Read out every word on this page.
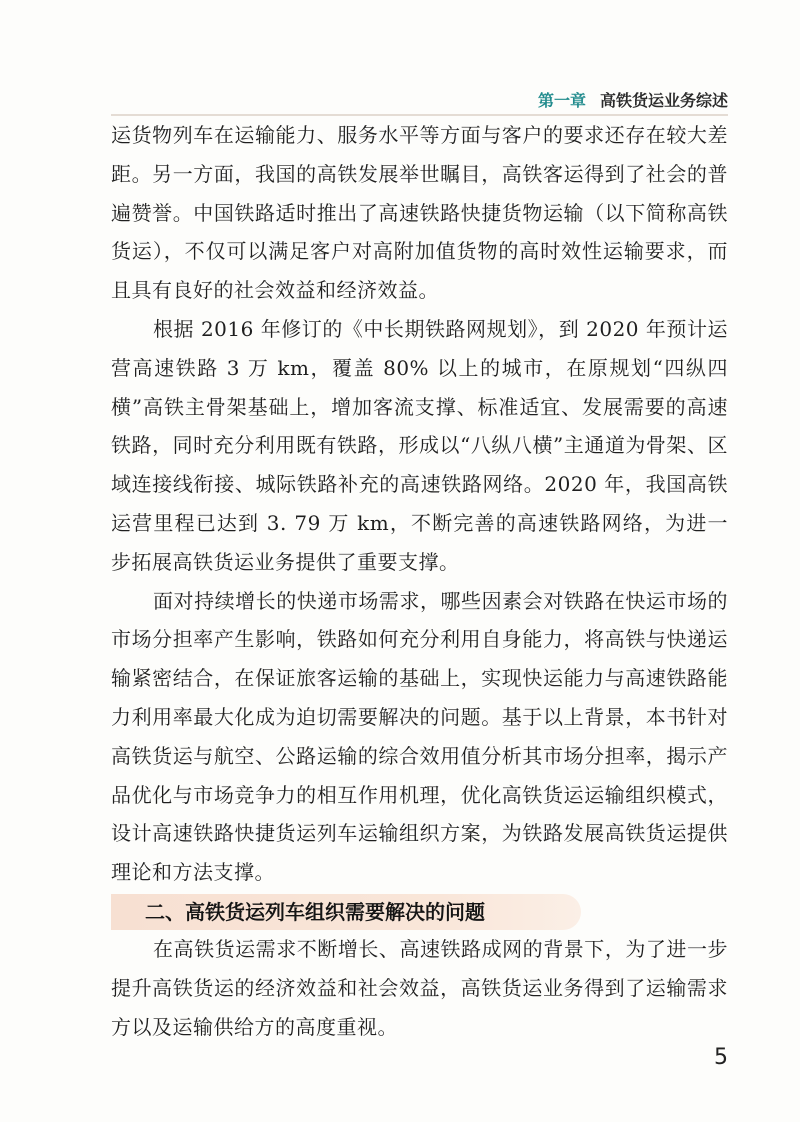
第一章 高铁货运业务综述

运货物列车在运输能力、服务水平等方面与客户的要求还存在较大差距。另一方面，我国的高铁发展举世瞩目，高铁客运得到了社会的普遍赞誉。中国铁路适时推出了高速铁路快捷货物运输（以下简称高铁货运），不仅可以满足客户对高附加值货物的高时效性运输要求，而且具有良好的社会效益和经济效益。

根据 2016 年修订的《中长期铁路网规划》，到 2020 年预计运营高速铁路 3 万 km，覆盖 80% 以上的城市，在原规划“四纵四横”高铁主骨架基础上，增加客流支撑、标准适宜、发展需要的高速铁路，同时充分利用既有铁路，形成以“八纵八横”主通道为骨架、区域连接线衔接、城际铁路补充的高速铁路网络。2020 年，我国高铁运营里程已达到 3. 79 万 km，不断完善的高速铁路网络，为进一步拓展高铁货运业务提供了重要支撑。

面对持续增长的快递市场需求，哪些因素会对铁路在快运市场的市场分担率产生影响，铁路如何充分利用自身能力，将高铁与快递运输紧密结合，在保证旅客运输的基础上，实现快运能力与高速铁路能力利用率最大化成为迫切需要解决的问题。基于以上背景，本书针对高铁货运与航空、公路运输的综合效用值分析其市场分担率，揭示产品优化与市场竞争力的相互作用机理，优化高铁货运运输组织模式，设计高速铁路快捷货运列车运输组织方案，为铁路发展高铁货运提供理论和方法支撑。

二、高铁货运列车组织需要解决的问题

在高铁货运需求不断增长、高速铁路成网的背景下，为了进一步提升高铁货运的经济效益和社会效益，高铁货运业务得到了运输需求方以及运输供给方的高度重视。

5
